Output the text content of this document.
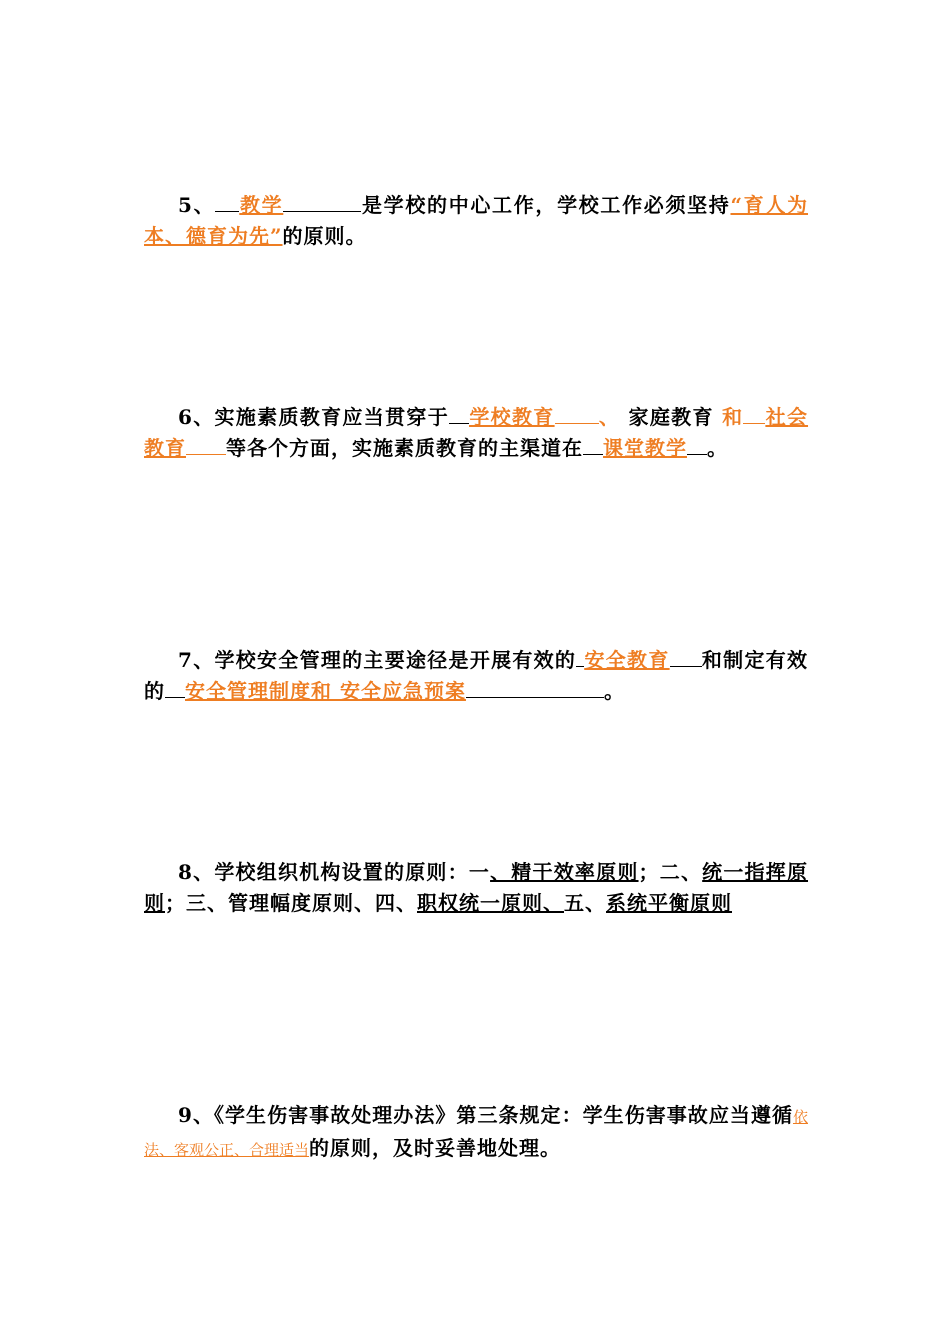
5、 教学	是学校的中心工作，学校工作必须坚持“育人为本、德育为先”的原则。
6、实施素质教育应当贯穿于 学校教育 、 家庭教育 和 社会教育 等各个方面，实施素质教育的主渠道在 课堂教学 。
7、学校安全管理的主要途径是开展有效的 安全教育 和制定有效的 安全管理制度和 安全应急预案	。
8、学校组织机构设置的原则：一、精干效率原则；二、统一指挥原则；三、管理幅度原则、四、职权统一原则、五、系统平衡原则
9、《学生伤害事故处理办法》第三条规定：学生伤害事故应当遵循依法、客观公正、合理适当的原则，及时妥善地处理。
